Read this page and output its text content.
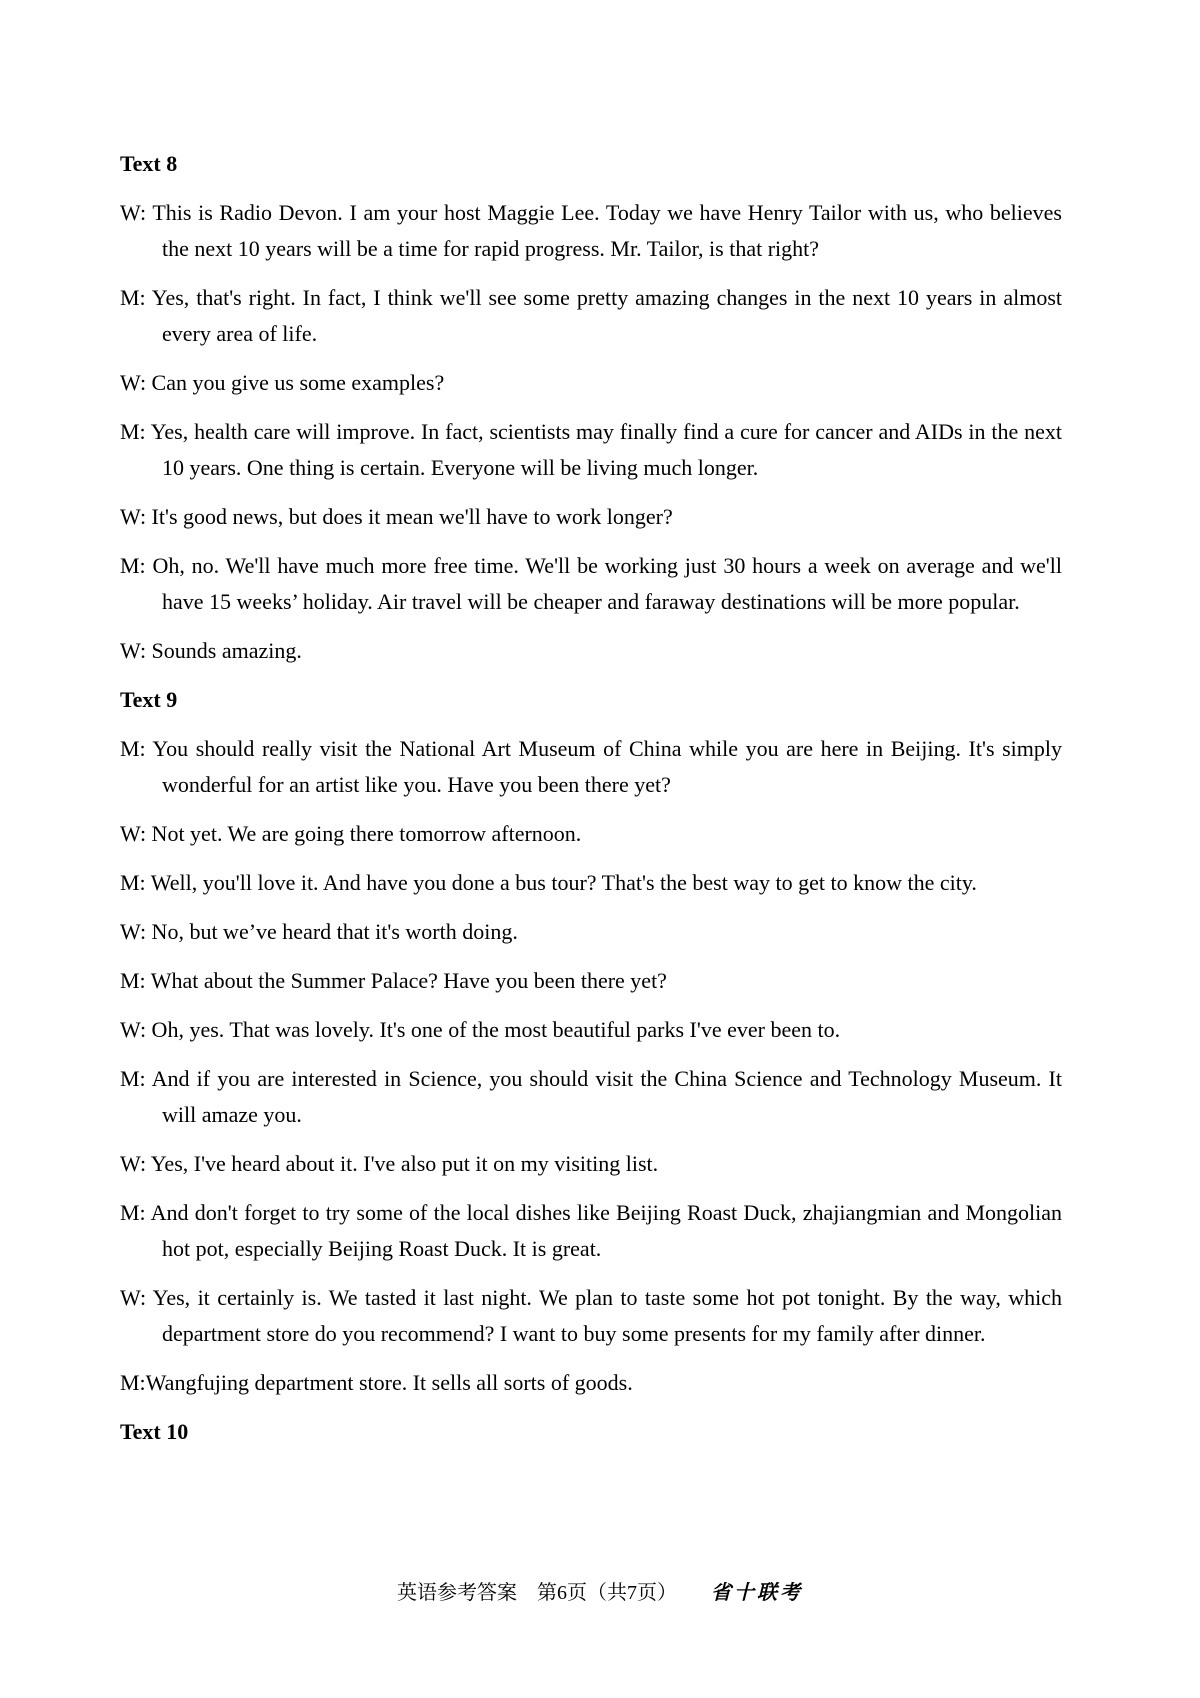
Text 8

W: This is Radio Devon. I am your host Maggie Lee. Today we have Henry Tailor with us, who believes the next 10 years will be a time for rapid progress. Mr. Tailor, is that right?

M: Yes, that's right. In fact, I think we'll see some pretty amazing changes in the next 10 years in almost every area of life.

W: Can you give us some examples?

M: Yes, health care will improve. In fact, scientists may finally find a cure for cancer and AIDs in the next 10 years. One thing is certain. Everyone will be living much longer.

W: It's good news, but does it mean we'll have to work longer?

M: Oh, no. We'll have much more free time. We'll be working just 30 hours a week on average and we'll have 15 weeks’ holiday. Air travel will be cheaper and faraway destinations will be more popular.

W: Sounds amazing.

Text 9

M: You should really visit the National Art Museum of China while you are here in Beijing. It's simply wonderful for an artist like you. Have you been there yet?

W: Not yet. We are going there tomorrow afternoon.

M: Well, you'll love it. And have you done a bus tour? That's the best way to get to know the city.

W: No, but we’ve heard that it's worth doing.

M: What about the Summer Palace? Have you been there yet?

W: Oh, yes. That was lovely. It's one of the most beautiful parks I've ever been to.

M: And if you are interested in Science, you should visit the China Science and Technology Museum. It will amaze you.

W: Yes, I've heard about it. I've also put it on my visiting list.

M: And don't forget to try some of the local dishes like Beijing Roast Duck, zhajiangmian and Mongolian hot pot, especially Beijing Roast Duck. It is great.

W: Yes, it certainly is. We tasted it last night. We plan to taste some hot pot tonight. By the way, which department store do you recommend? I want to buy some presents for my family after dinner.

M:Wangfujing department store. It sells all sorts of goods.

Text 10
英语参考答案 第6页（共7页） 省十联考
